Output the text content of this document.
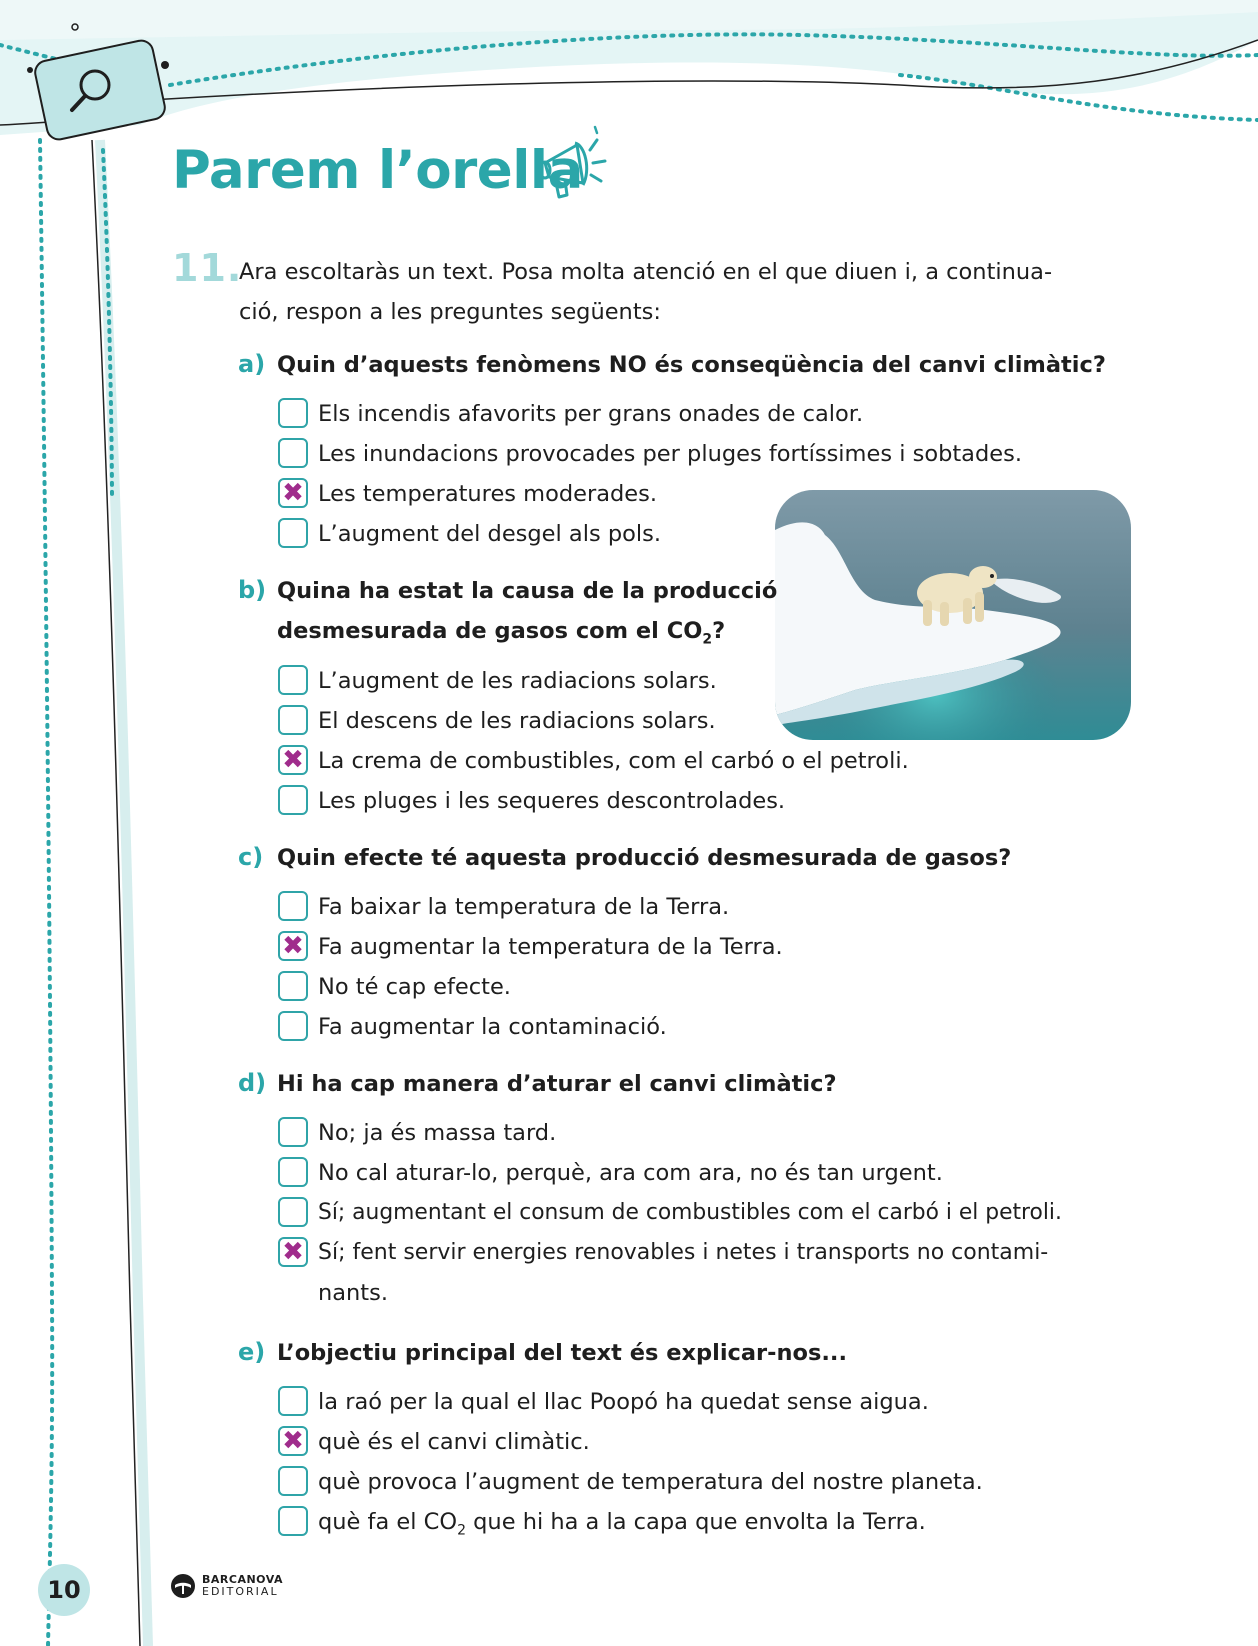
Parem l’orella
11.
Ara escoltaràs un text. Posa molta atenció en el que diuen i, a continua-
ció, respon a les preguntes següents:
a) Quin d’aquests fenòmens NO és conseqüència del canvi climàtic?
Els incendis afavorits per grans onades de calor.
Les inundacions provocades per pluges fortíssimes i sobtades.
✖ Les temperatures moderades.
L’augment del desgel als pols.
b) Quina ha estat la causa de la producció
desmesurada de gasos com el $CO_2$?
L’augment de les radiacions solars.
El descens de les radiacions solars.
✖ La crema de combustibles, com el carbó o el petroli.
Les pluges i les sequeres descontrolades.
c) Quin efecte té aquesta producció desmesurada de gasos?
Fa baixar la temperatura de la Terra.
✖ Fa augmentar la temperatura de la Terra.
No té cap efecte.
Fa augmentar la contaminació.
d) Hi ha cap manera d’aturar el canvi climàtic?
No; ja és massa tard.
No cal aturar-lo, perquè, ara com ara, no és tan urgent.
Sí; augmentant el consum de combustibles com el carbó i el petroli.
✖ Sí; fent servir energies renovables i netes i transports no contami-
nants.
e) L’objectiu principal del text és explicar-nos...
la raó per la qual el llac Poopó ha quedat sense aigua.
✖ què és el canvi climàtic.
què provoca l’augment de temperatura del nostre planeta.
què fa el $CO_2$ que hi ha a la capa que envolta la Terra.
10	BARCANOVA
EDITORIAL
